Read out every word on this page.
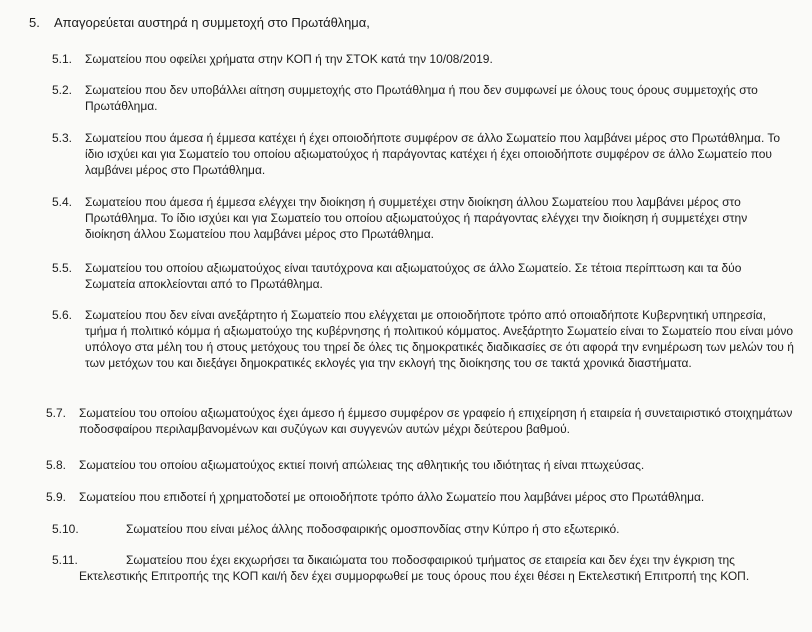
5. Απαγορεύεται αυστηρά η συμμετοχή στο Πρωτάθλημα,
5.1. Σωματείου που οφείλει χρήματα στην ΚΟΠ ή την ΣΤΟΚ κατά την 10/08/2019.
5.2. Σωματείου που δεν υποβάλλει αίτηση συμμετοχής στο Πρωτάθλημα ή που δεν συμφωνεί με όλους τους όρους συμμετοχής στο Πρωτάθλημα.
5.3. Σωματείου που άμεσα ή έμμεσα κατέχει ή έχει οποιοδήποτε συμφέρον σε άλλο Σωματείο που λαμβάνει μέρος στο Πρωτάθλημα. Το ίδιο ισχύει και για Σωματείο του οποίου αξιωματούχος ή παράγοντας κατέχει ή έχει οποιοδήποτε συμφέρον σε άλλο Σωματείο που λαμβάνει μέρος στο Πρωτάθλημα.
5.4. Σωματείου που άμεσα ή έμμεσα ελέγχει την διοίκηση ή συμμετέχει στην διοίκηση άλλου Σωματείου που λαμβάνει μέρος στο Πρωτάθλημα. Το ίδιο ισχύει και για Σωματείο του οποίου αξιωματούχος ή παράγοντας ελέγχει την διοίκηση ή συμμετέχει στην διοίκηση άλλου Σωματείου που λαμβάνει μέρος στο Πρωτάθλημα.
5.5. Σωματείου του οποίου αξιωματούχος είναι ταυτόχρονα και αξιωματούχος σε άλλο Σωματείο. Σε τέτοια περίπτωση και τα δύο Σωματεία αποκλείονται από το Πρωτάθλημα.
5.6. Σωματείου που δεν είναι ανεξάρτητο ή Σωματείο που ελέγχεται με οποιοδήποτε τρόπο από οποιαδήποτε Κυβερνητική υπηρεσία, τμήμα ή πολιτικό κόμμα ή αξιωματούχο της κυβέρνησης ή πολιτικού κόμματος. Ανεξάρτητο Σωματείο είναι το Σωματείο που είναι μόνο υπόλογο στα μέλη του ή στους μετόχους του τηρεί δε όλες τις δημοκρατικές διαδικασίες σε ότι αφορά την ενημέρωση των μελών του ή των μετόχων του και διεξάγει δημοκρατικές εκλογές για την εκλογή της διοίκησης του σε τακτά χρονικά διαστήματα.
5.7. Σωματείου του οποίου αξιωματούχος έχει άμεσο ή έμμεσο συμφέρον σε γραφείο ή επιχείρηση ή εταιρεία ή συνεταιριστικό στοιχημάτων ποδοσφαίρου περιλαμβανομένων και συζύγων και συγγενών αυτών μέχρι δεύτερου βαθμού.
5.8. Σωματείου του οποίου αξιωματούχος εκτιεί ποινή απώλειας της αθλητικής του ιδιότητας ή είναι πτωχεύσας.
5.9. Σωματείου που επιδοτεί ή χρηματοδοτεί με οποιοδήποτε τρόπο άλλο Σωματείο που λαμβάνει μέρος στο Πρωτάθλημα.
5.10.	Σωματείου που είναι μέλος άλλης ποδοσφαιρικής ομοσπονδίας στην Κύπρο ή στο εξωτερικό.
5.11.	Σωματείου που έχει εκχωρήσει τα δικαιώματα του ποδοσφαιρικού τμήματος σε εταιρεία και δεν έχει την έγκριση της Εκτελεστικής Επιτροπής της ΚΟΠ και/ή δεν έχει συμμορφωθεί με τους όρους που έχει θέσει η Εκτελεστική Επιτροπή της ΚΟΠ.
